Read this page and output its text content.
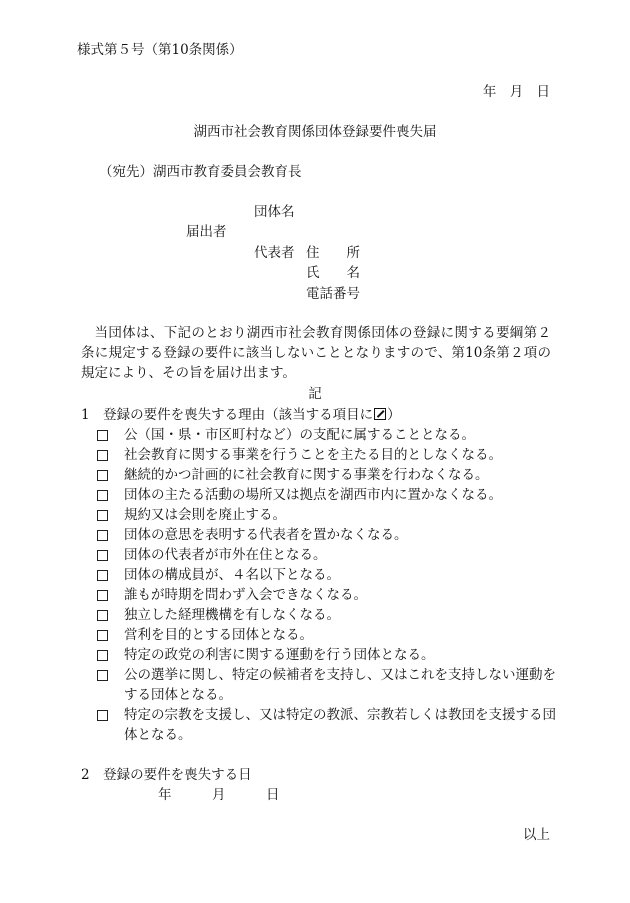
様式第５号（第10条関係）
年 月 日
湖西市社会教育関係団体登録要件喪失届
（宛先）湖西市教育委員会教育長
団体名
届出者
代表者 住所
氏名
電話番号
当団体は、下記のとおり湖西市社会教育関係団体の登録に関する要綱第２条に規定する登録の要件に該当しないこととなりますので、第10条第２項の規定により、その旨を届け出ます。
記
1　登録の要件を喪失する理由（該当する項目に ）
公（国・県・市区町村など）の支配に属することとなる。
社会教育に関する事業を行うことを主たる目的としなくなる。
継続的かつ計画的に社会教育に関する事業を行わなくなる。
団体の主たる活動の場所又は拠点を湖西市内に置かなくなる。
規約又は会則を廃止する。
団体の意思を表明する代表者を置かなくなる。
団体の代表者が市外在住となる。
団体の構成員が、４名以下となる。
誰もが時期を問わず入会できなくなる。
独立した経理機構を有しなくなる。
営利を目的とする団体となる。
特定の政党の利害に関する運動を行う団体となる。
公の選挙に関し、特定の候補者を支持し、又はこれを支持しない運動をする団体となる。
特定の宗教を支援し、又は特定の教派、宗教若しくは教団を支援する団体となる。
2　登録の要件を喪失する日
年	月	日
以上
